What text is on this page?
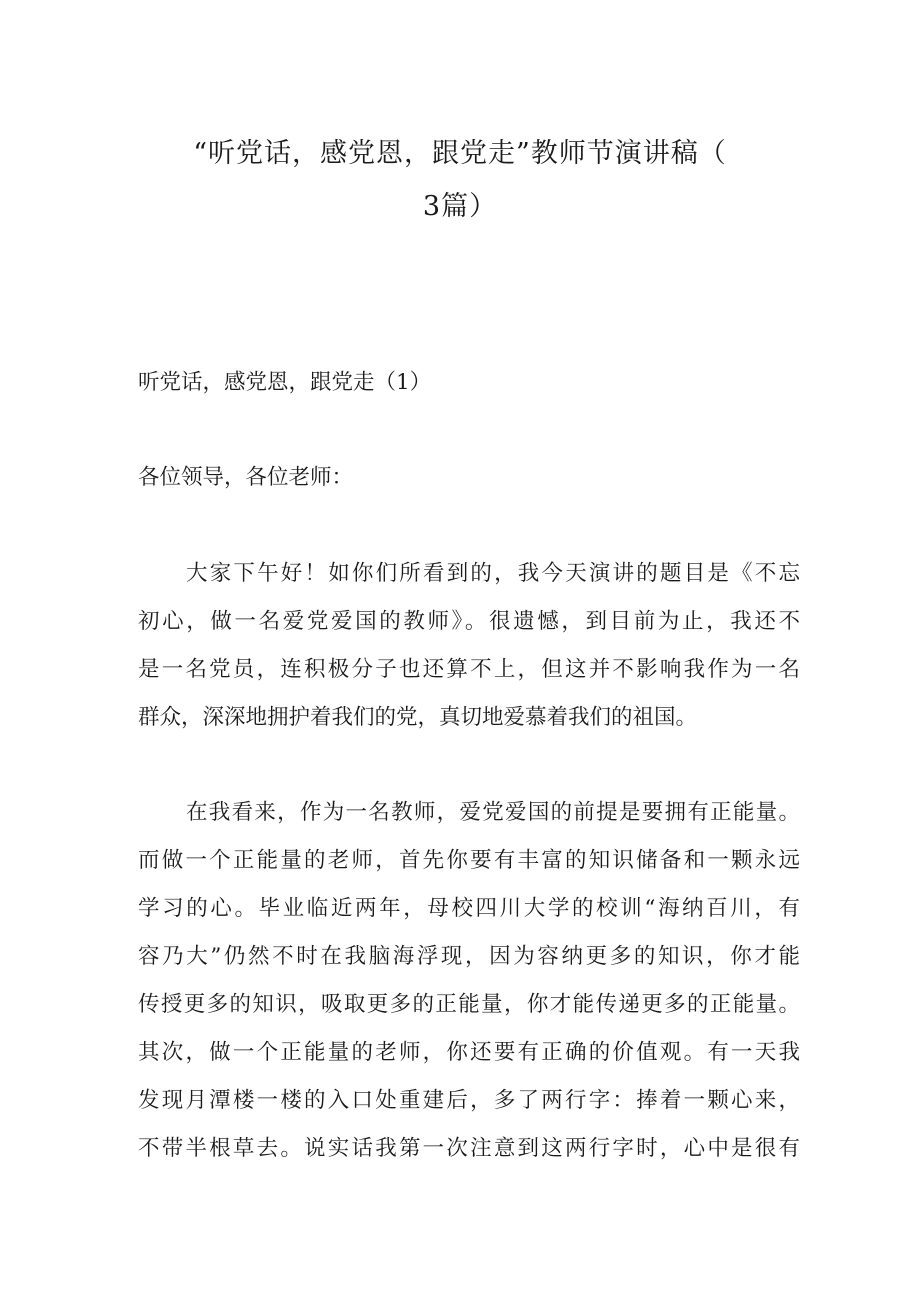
“听党话，感党恩，跟党走”教师节演讲稿（
3篇）

听党话，感党恩，跟党走（1）

各位领导，各位老师：

大家下午好！如你们所看到的，我今天演讲的题目是《不忘

初心，做一名爱党爱国的教师》。很遗憾，到目前为止，我还不

是一名党员，连积极分子也还算不上，但这并不影响我作为一名

群众，深深地拥护着我们的党，真切地爱慕着我们的祖国。

在我看来，作为一名教师，爱党爱国的前提是要拥有正能量。

而做一个正能量的老师，首先你要有丰富的知识储备和一颗永远

学习的心。毕业临近两年，母校四川大学的校训“海纳百川，有

容乃大”仍然不时在我脑海浮现，因为容纳更多的知识，你才能

传授更多的知识，吸取更多的正能量，你才能传递更多的正能量。

其次，做一个正能量的老师，你还要有正确的价值观。有一天我

发现月潭楼一楼的入口处重建后，多了两行字：捧着一颗心来，

不带半根草去。说实话我第一次注意到这两行字时，心中是很有
